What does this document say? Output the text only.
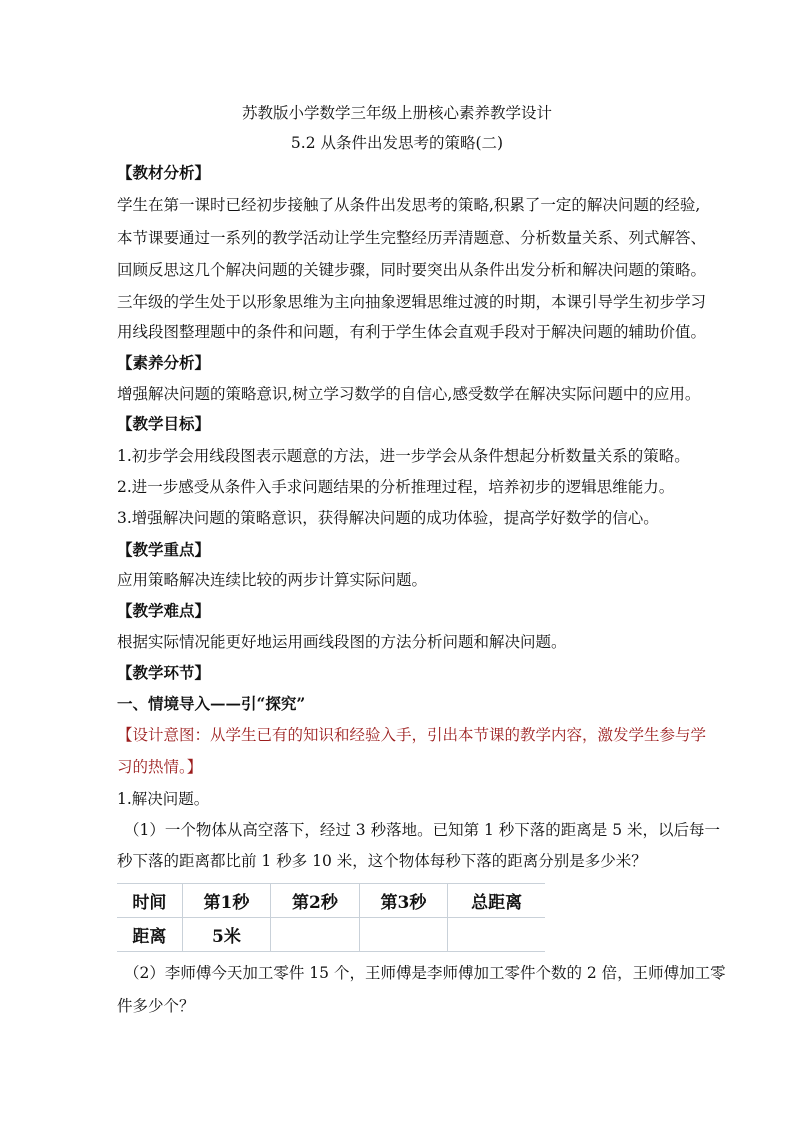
苏教版小学数学三年级上册核心素养教学设计
5.2 从条件出发思考的策略(二)
【教材分析】
学生在第一课时已经初步接触了从条件出发思考的策略,积累了一定的解决问题的经验,
本节课要通过一系列的教学活动让学生完整经历弄清题意、分析数量关系、列式解答、
回顾反思这几个解决问题的关键步骤，同时要突出从条件出发分析和解决问题的策略。
三年级的学生处于以形象思维为主向抽象逻辑思维过渡的时期，本课引导学生初步学习
用线段图整理题中的条件和问题，有利于学生体会直观手段对于解决问题的辅助价值。
【素养分析】
增强解决问题的策略意识,树立学习数学的自信心,感受数学在解决实际问题中的应用。
【教学目标】
1.初步学会用线段图表示题意的方法，进一步学会从条件想起分析数量关系的策略。
2.进一步感受从条件入手求问题结果的分析推理过程，培养初步的逻辑思维能力。
3.增强解决问题的策略意识，获得解决问题的成功体验，提高学好数学的信心。
【教学重点】
应用策略解决连续比较的两步计算实际问题。
【教学难点】
根据实际情况能更好地运用画线段图的方法分析问题和解决问题。
【教学环节】
一、情境导入——引“探究”
【设计意图：从学生已有的知识和经验入手，引出本节课的教学内容，激发学生参与学
习的热情。】
1.解决问题。
（1）一个物体从高空落下，经过 3 秒落地。已知第 1 秒下落的距离是 5 米，以后每一
秒下落的距离都比前 1 秒多 10 米，这个物体每秒下落的距离分别是多少米？
时间	第1秒	第2秒	第3秒	总距离
距离	5米			
（2）李师傅今天加工零件 15 个，王师傅是李师傅加工零件个数的 2 倍，王师傅加工零
件多少个？
